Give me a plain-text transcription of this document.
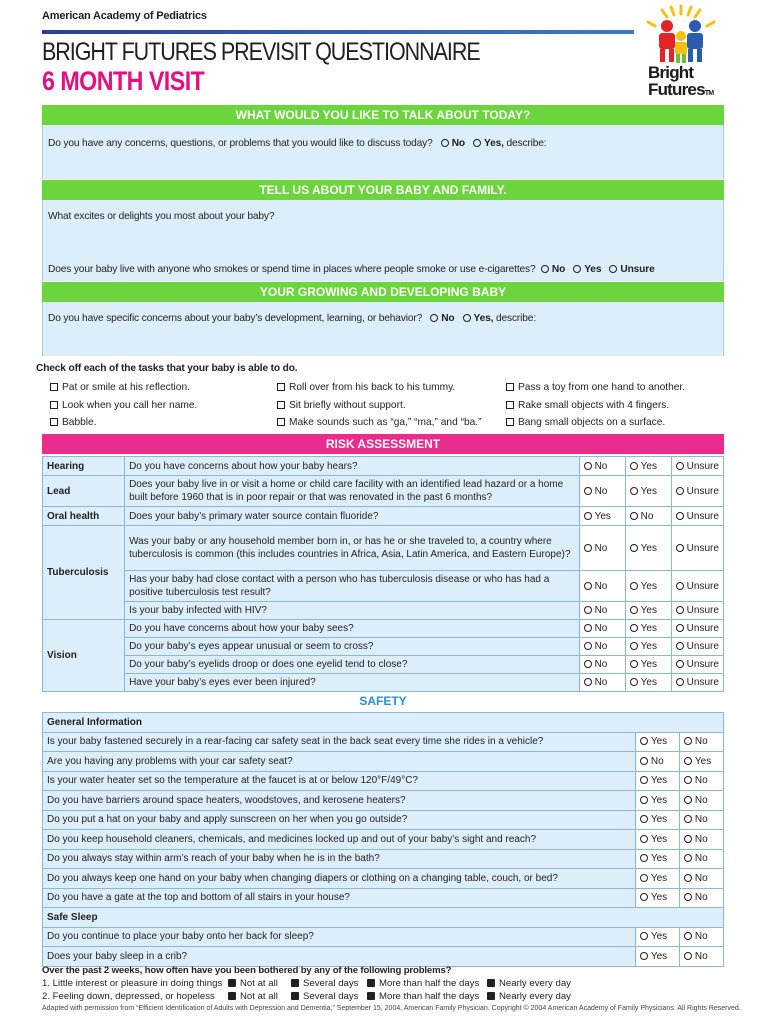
American Academy of Pediatrics
BRIGHT FUTURES PREVISIT QUESTIONNAIRE
6 MONTH VISIT	Bright
FuturesTM
WHAT WOULD YOU LIKE TO TALK ABOUT TODAY?
Do you have any concerns, questions, or problems that you would like to discuss today? No Yes, describe:
TELL US ABOUT YOUR BABY AND FAMILY.
What excites or delights you most about your baby?
Does your baby live with anyone who smokes or spend time in places where people smoke or use e-cigarettes? No Yes Unsure
YOUR GROWING AND DEVELOPING BABY
Do you have specific concerns about your baby’s development, learning, or behavior? No Yes, describe:
Check off each of the tasks that your baby is able to do.
Pat or smile at his reflection.	Roll over from his back to his tummy.	Pass a toy from one hand to another.
Look when you call her name.	Sit briefly without support.	Rake small objects with 4 fingers.
Babble.	Make sounds such as “ga,” “ma,” and “ba.”	Bang small objects on a surface.
RISK ASSESSMENT
Hearing	Do you have concerns about how your baby hears?	No	Yes	Unsure
Lead	Does your baby live in or visit a home or child care facility with an identified lead hazard or a home built before 1960 that is in poor repair or that was renovated in the past 6 months?	No	Yes	Unsure
Oral health	Does your baby’s primary water source contain fluoride?	Yes	No	Unsure
Tuberculosis	Was your baby or any household member born in, or has he or she traveled to, a country where tuberculosis is common (this includes countries in Africa, Asia, Latin America, and Eastern Europe)?	No	Yes	Unsure
	Has your baby had close contact with a person who has tuberculosis disease or who has had a positive tuberculosis test result?	No	Yes	Unsure
	Is your baby infected with HIV?	No	Yes	Unsure
Vision	Do you have concerns about how your baby sees?	No	Yes	Unsure
	Do your baby’s eyes appear unusual or seem to cross?	No	Yes	Unsure
	Do your baby’s eyelids droop or does one eyelid tend to close?	No	Yes	Unsure
	Have your baby’s eyes ever been injured?	No	Yes	Unsure
SAFETY
General Information		
Is your baby fastened securely in a rear-facing car safety seat in the back seat every time she rides in a vehicle?	Yes	No
Are you having any problems with your car safety seat?	No	Yes
Is your water heater set so the temperature at the faucet is at or below 120°F/49°C?	Yes	No
Do you have barriers around space heaters, woodstoves, and kerosene heaters?	Yes	No
Do you put a hat on your baby and apply sunscreen on her when you go outside?	Yes	No
Do you keep household cleaners, chemicals, and medicines locked up and out of your baby’s sight and reach?	Yes	No
Do you always stay within arm’s reach of your baby when he is in the bath?	Yes	No
Do you always keep one hand on your baby when changing diapers or clothing on a changing table, couch, or bed?	Yes	No
Do you have a gate at the top and bottom of all stairs in your house?	Yes	No
Safe Sleep		
Do you continue to place your baby onto her back for sleep?	Yes	No
Does your baby sleep in a crib?	Yes	No
Over the past 2 weeks, how often have you been bothered by any of the following problems?
1. Little interest or pleasure in doing things	Not at all	Several days	More than half the days	Nearly every day
2. Feeling down, depressed, or hopeless	Not at all	Several days	More than half the days	Nearly every day
Adapted with permission from “Efficient Identification of Adults with Depression and Dementia,” September 15, 2004, American Family Physician. Copyright © 2004 American Academy of Family Physicians. All Rights Reserved.
